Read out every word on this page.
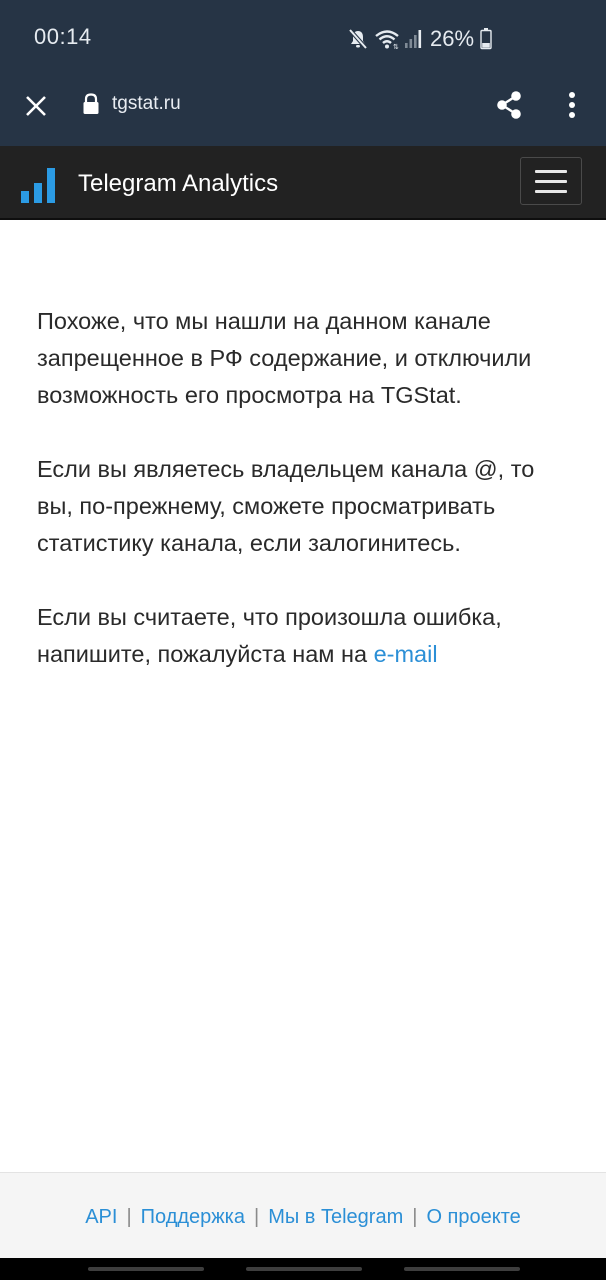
00:14	⇅ 26%
tgstat.ru
Telegram Analytics

Похоже, что мы нашли на данном канале запрещенное в РФ содержание, и отключили возможность его просмотра на TGStat.

Если вы являетесь владельцем канала @, то вы, по-прежнему, сможете просматривать статистику канала, если залогинитесь.

Если вы считаете, что произошла ошибка, напишите, пожалуйста нам на e-mail

API | Поддержка | Мы в Telegram | О проекте
